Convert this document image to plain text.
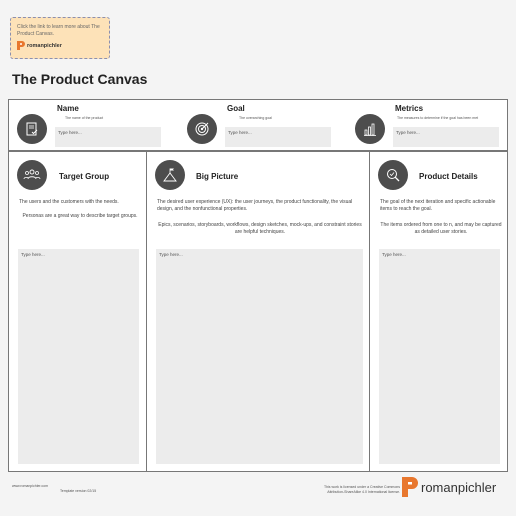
Click the link to learn more about The Product Canvas.
romanpichler
The Product Canvas
Name
The name of the product
Type here...
Goal
The overarching goal
Type here...
Metrics
The measures to determine if the goal has been met
Type here...
Target Group
The users and the customers with the needs.
Personas are a great way to describe target groups.
Type here...
Big Picture
The desired user experience (UX): the user journeys, the product functionality, the visual design, and the nonfunctional properties.
Epics, scenarios, storyboards, workflows, design sketches, mock-ups, and constraint stories are helpful techniques.
Type here...
Product Details
The goal of the next iteration and specific actionable items to reach the goal.
The items ordered from one to n, and may be captured as detailed user stories.
Type here...
www.romanpichler.com
Template version 02/15
This work is licensed under a Creative Commons Attribution-ShareAlike 4.0 International license. romanpichler
